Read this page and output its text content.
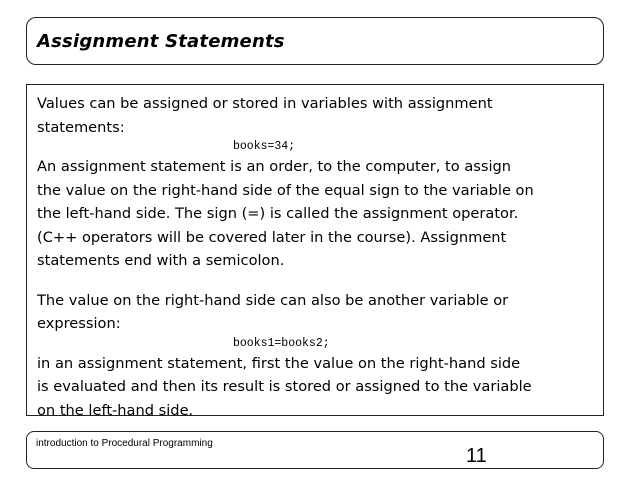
Assignment Statements
Values can be assigned or stored in variables with assignment
statements:
books=34;
An assignment statement is an order, to the computer, to assign
the value on the right-hand side of the equal sign to the variable on
the left-hand side. The sign (=) is called the assignment operator.
(C++ operators will be covered later in the course). Assignment
statements end with a semicolon.
The value on the right-hand side can also be another variable or
expression:
books1=books2;
in an assignment statement, first the value on the right-hand side
is evaluated and then its result is stored or assigned to the variable
on the left-hand side.
introduction to Procedural Programming
11
